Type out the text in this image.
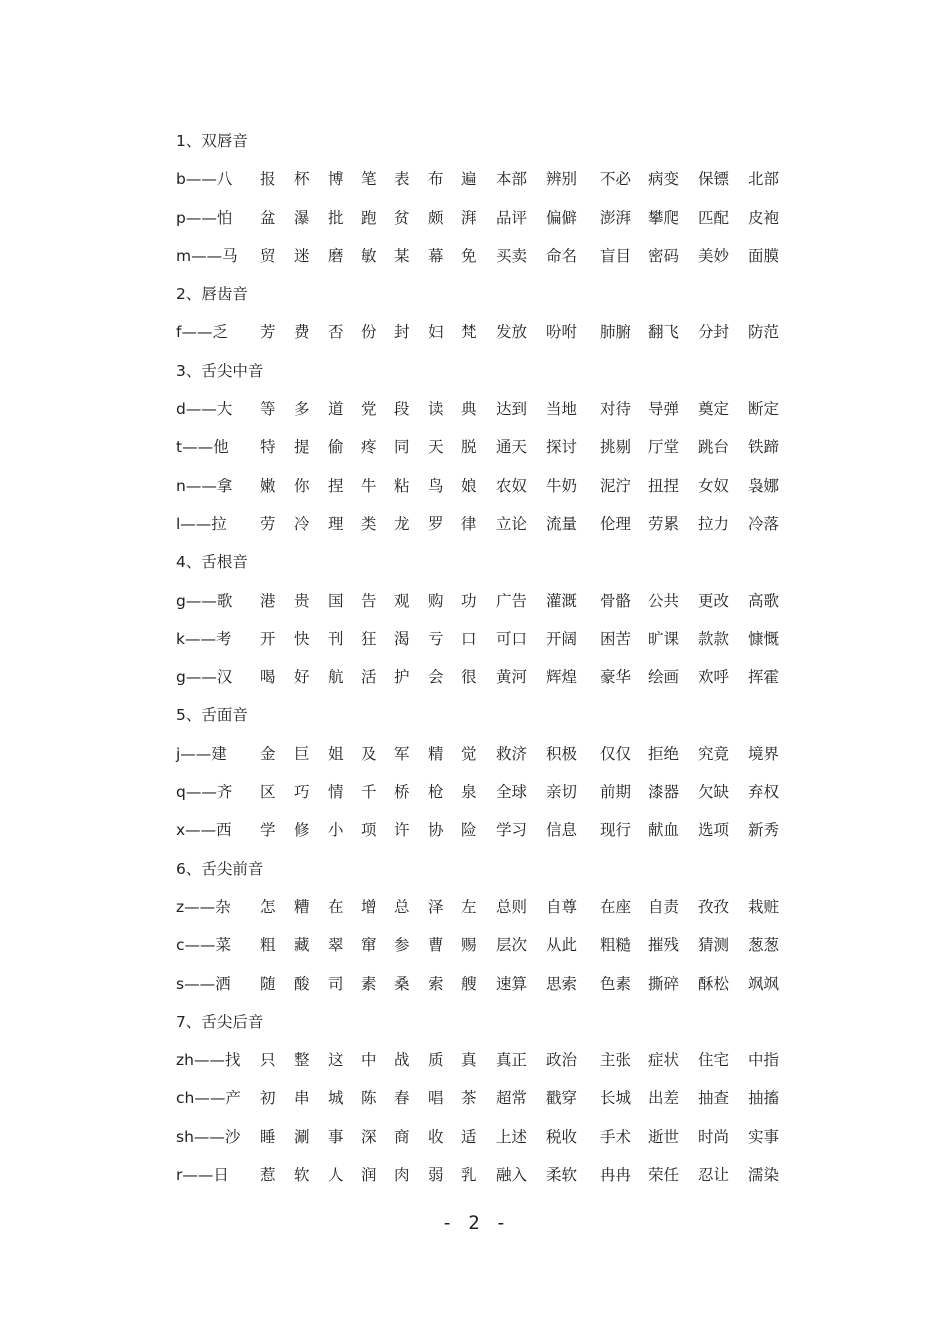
1、双唇音
b——八 报 杯 博 笔 表 布 遍 本部 辨别 不必 病变 保镖 北部
p——怕 盆 瀑 批 跑 贫 颇 湃 品评 偏僻 澎湃 攀爬 匹配 皮袍
m——马 贸 迷 磨 敏 某 幕 免 买卖 命名 盲目 密码 美妙 面膜
2、唇齿音
f——乏 芳 费 否 份 封 妇 梵 发放 吩咐 肺腑 翻飞 分封 防范
3、舌尖中音
d——大 等 多 道 党 段 读 典 达到 当地 对待 导弹 奠定 断定
t——他 特 提 偷 疼 同 天 脱 通天 探讨 挑剔 厅堂 跳台 铁蹄
n——拿 嫩 你 捏 牛 粘 鸟 娘 农奴 牛奶 泥泞 扭捏 女奴 袅娜
l——拉 劳 冷 理 类 龙 罗 律 立论 流量 伦理 劳累 拉力 冷落
4、舌根音
g——歌 港 贵 国 告 观 购 功 广告 灌溉 骨骼 公共 更改 高歌
k——考 开 快 刊 狂 渴 亏 口 可口 开阔 困苦 旷课 款款 慷慨
g——汉 喝 好 航 活 护 会 很 黄河 辉煌 豪华 绘画 欢呼 挥霍
5、舌面音
j——建 金 巨 姐 及 军 精 觉 救济 积极 仅仅 拒绝 究竟 境界
q——齐 区 巧 情 千 桥 枪 泉 全球 亲切 前期 漆器 欠缺 弃权
x——西 学 修 小 项 许 协 险 学习 信息 现行 献血 选项 新秀
6、舌尖前音
z——杂 怎 糟 在 增 总 泽 左 总则 自尊 在座 自责 孜孜 栽赃
c——菜 粗 藏 翠 窜 参 曹 赐 层次 从此 粗糙 摧残 猜测 葱葱
s——洒 随 酸 司 素 桑 索 艘 速算 思索 色素 撕碎 酥松 飒飒
7、舌尖后音
zh——找 只 整 这 中 战 质 真 真正 政治 主张 症状 住宅 中指
ch——产 初 串 城 陈 春 唱 茶 超常 戳穿 长城 出差 抽查 抽搐
sh——沙 睡 涮 事 深 商 收 适 上述 税收 手术 逝世 时尚 实事
r——日 惹 软 人 润 肉 弱 乳 融入 柔软 冉冉 荣任 忍让 濡染
- 2 -
